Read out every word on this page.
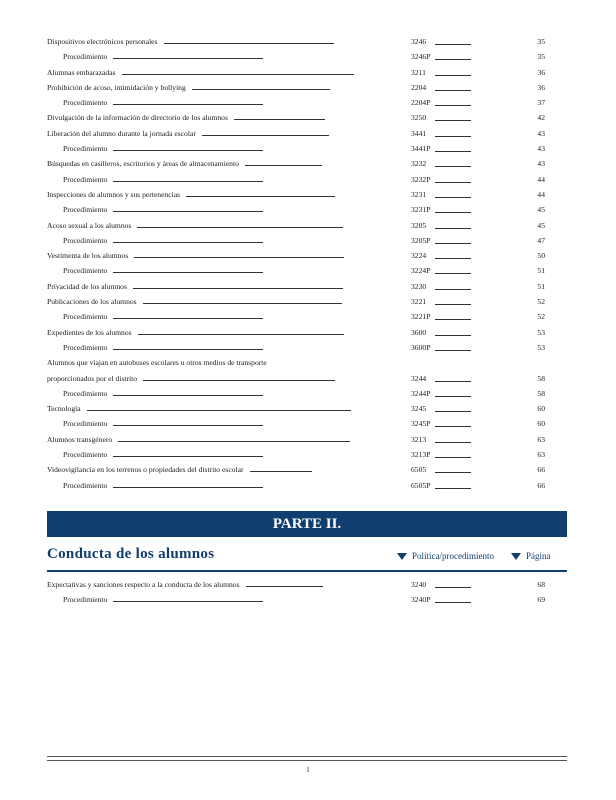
Dispositivos electrónicos personales	3246	35
Procedimiento	3246P	35
Alumnas embarazadas	3211	36
Prohibición de acoso, intimidación y bullying	2204	36
Procedimiento	2204P	37
Divulgación de la información de directorio de los alumnos	3250	42
Liberación del alumno durante la jornada escolar	3441	43
Procedimiento	3441P	43
Búsquedas en casilleros, escritorios y áreas de almacenamiento	3232	43
Procedimiento	3232P	44
Inspecciones de alumnos y sus pertenencias	3231	44
Procedimiento	3231P	45
Acoso sexual a los alumnos	3205	45
Procedimiento	3205P	47
Vestimenta de los alumnos	3224	50
Procedimiento	3224P	51
Privacidad de los alumnos	3230	51
Publicaciones de los alumnos	3221	52
Procedimiento	3221P	52
Expedientes de los alumnos	3600	53
Procedimiento	3600P	53
Alumnos que viajan en autobuses escolares u otros medios de transporte
proporcionados por el distrito	3244	58
Procedimiento	3244P	58
Tecnología	3245	60
Procedimiento	3245P	60
Alumnos transgénero	3213	63
Procedimiento	3213P	63
Videovigilancia en los terrenos o propiedades del distrito escolar	6505	66
Procedimiento	6505P	66
PARTE II.
Conducta de los alumnos	Política/procedimiento	Página
Expectativas y sanciones respecto a la conducta de los alumnos	3240	68
Procedimiento	3240P	69
1
